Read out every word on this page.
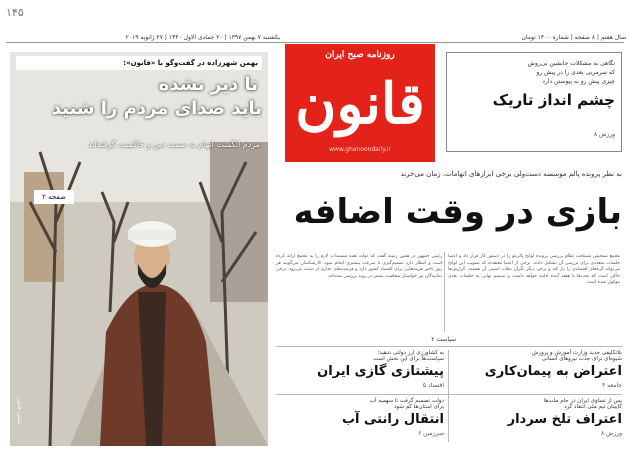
۱۴۵
یکشنبه ۷ بهمن ۱۳۹۷ | ۲۰ جمادی الاول ۱۴۴۰ | ۲۷ ژانویه ۲۰۱۹	سال هفتم | ۸ صفحه | شماره ۱۴۰۰ تومان
روزنامه صبح ایران
قانون
www.ghanoondaily.ir
بهمن شهرزاده در گفت‌وگو با «قانون»:
تا دیر نشده
باید صدای مردم را شنید
مردم انگشت اتهام به سمت دین و حاکمیت گرفته‌اند
صفحه ۲
عکس: قانون
نگاهی به مشکلات جانشین بی‌روش
که سرمربی بعدی را در پیش رو
چیزی پیش رو به پیوستن دارد
چشم انداز تاریک
ورزش ۸
به نظر پرونده پالم موسسه دست‌ولی برخی ابزارهای اتهامات، زمان می‌خرند
بازی در وقت اضافه
مجمع تشخیص مصلحت نظام بررسی پرونده لوایح پالرمو را در دستور کار قرار داد و اعضا جلسات متعددی برای بررسی آن تشکیل دادند. برخی از اعضا معتقدند که تصویب این لوایح می‌تواند گره‌های اقتصادی را باز کند و برخی دیگر نگران تبعات امنیتی آن هستند. گزارش‌ها حاکی است که بحث‌ها تا هفته آینده ادامه خواهد داشت و تصمیم نهایی به جلسات بعدی موکول شده است.
رئیس جمهور در همین زمینه گفت که دولت همه مستندات لازم را به مجمع ارائه کرده است و انتظار دارد تصمیم‌گیری با سرعت بیشتری انجام شود. کارشناسان می‌گویند هر روز تاخیر هزینه‌هایی برای اقتصاد کشور دارد و فرصت‌های تجاری از دست می‌رود. برخی نمایندگان نیز خواستار شفافیت بیشتر در روند بررسی شده‌اند.
سیاست ۲
بلاتکلیفی جدید وزارت آموزش و پرورش
شیوه‌ای برای جذب نیروهای انسانی
اعتراض به پیمان‌کاری
جامعه ۴
به کشاورزی ارز دولتی ندهید؛
سیاست‌ها برای این بخش است
پیشتازی گازی ایران
اقتصاد ۵
پس از تساوی ایران در جام ملت‌ها
کاپیتان تیم ملی انتقاد کرد
اعتراف تلخ سردار
ورزش ۸
دولت تصمیم گرفت تا سهمیه آب
برای استان‌ها کم شود
انتقال رانتی آب
سرزمین ۶
